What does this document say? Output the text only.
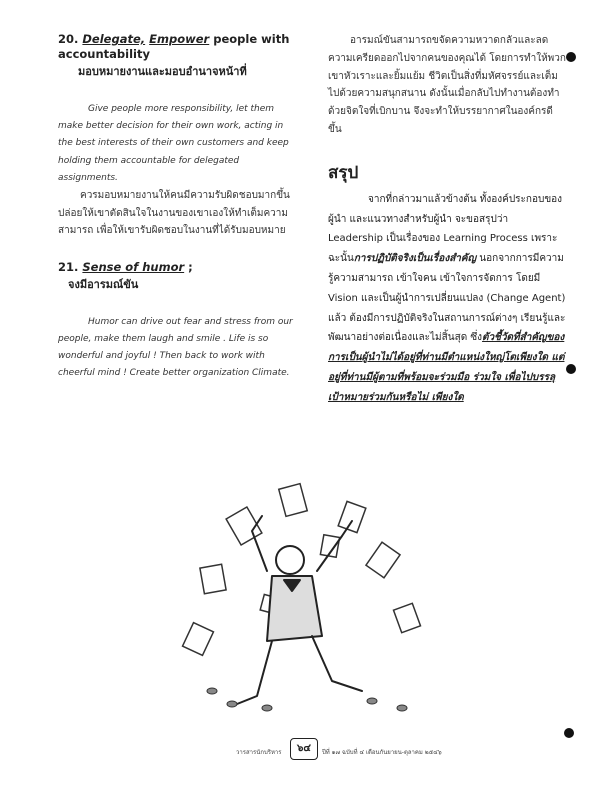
20. Delegate, Empower people with
accountability

มอบหมายงานและมอบอำนาจหน้าที่

Give people more responsibility, let them make better decision for their own work, acting in the best interests of their own customers and keep holding them accountable for delegated assignments.

ควรมอบหมายงานให้คนมีความรับผิดชอบมากขึ้น ปล่อยให้เขาตัดสินใจในงานของเขาเองให้ทำเต็มความสามารถ เพื่อให้เขารับผิดชอบในงานที่ได้รับมอบหมาย

21. Sense of humor ;

จงมีอารมณ์ขัน

Humor can drive out fear and stress from our people, make them laugh and smile . Life is so wonderful and joyful ! Then back to work with cheerful mind ! Create better organization Climate.

อารมณ์ขันสามารถขจัดความหวาดกลัวและลดความเครียดออกไปจากคนของคุณได้ โดยการทำให้พวกเขาหัวเราะและยิ้มแย้ม ชีวิตเป็นสิ่งที่มหัศจรรย์และเต็มไปด้วยความสนุกสนาน ดังนั้นเมื่อกลับไปทำงานต้องทำด้วยจิตใจที่เบิกบาน จึงจะทำให้บรรยากาศในองค์กรดีขึ้น

สรุป

จากที่กล่าวมาแล้วข้างต้น ทั้งองค์ประกอบของผู้นำ และแนวทางสำหรับผู้นำ จะขอสรุปว่า Leadership เป็นเรื่องของ Learning Process เพราะฉะนั้นการปฏิบัติจริงเป็นเรื่องสำคัญ นอกจากการมีความรู้ความสามารถ เข้าใจคน เข้าใจการจัดการ โดยมี Vision และเป็นผู้นำการเปลี่ยนแปลง (Change Agent) แล้ว ต้องมีการปฏิบัติจริงในสถานการณ์ต่างๆ เรียนรู้และพัฒนาอย่างต่อเนื่องและไม่สิ้นสุด ซึ่งตัวชี้วัดที่สำคัญของการเป็นผู้นำไม่ได้อยู่ที่ท่านมีตำแหน่งใหญ่โตเพียงใด แต่อยู่ที่ท่านมีผู้ตามที่พร้อมจะร่วมมือ ร่วมใจ เพื่อไปบรรลุเป้าหมายร่วมกันหรือไม่ เพียงใด

วารสารนักบริหาร	๖๔	ปีที่ ๑๗ ฉบับที่ ๔ เดือนกันยายน-ตุลาคม ๒๕๔๖
